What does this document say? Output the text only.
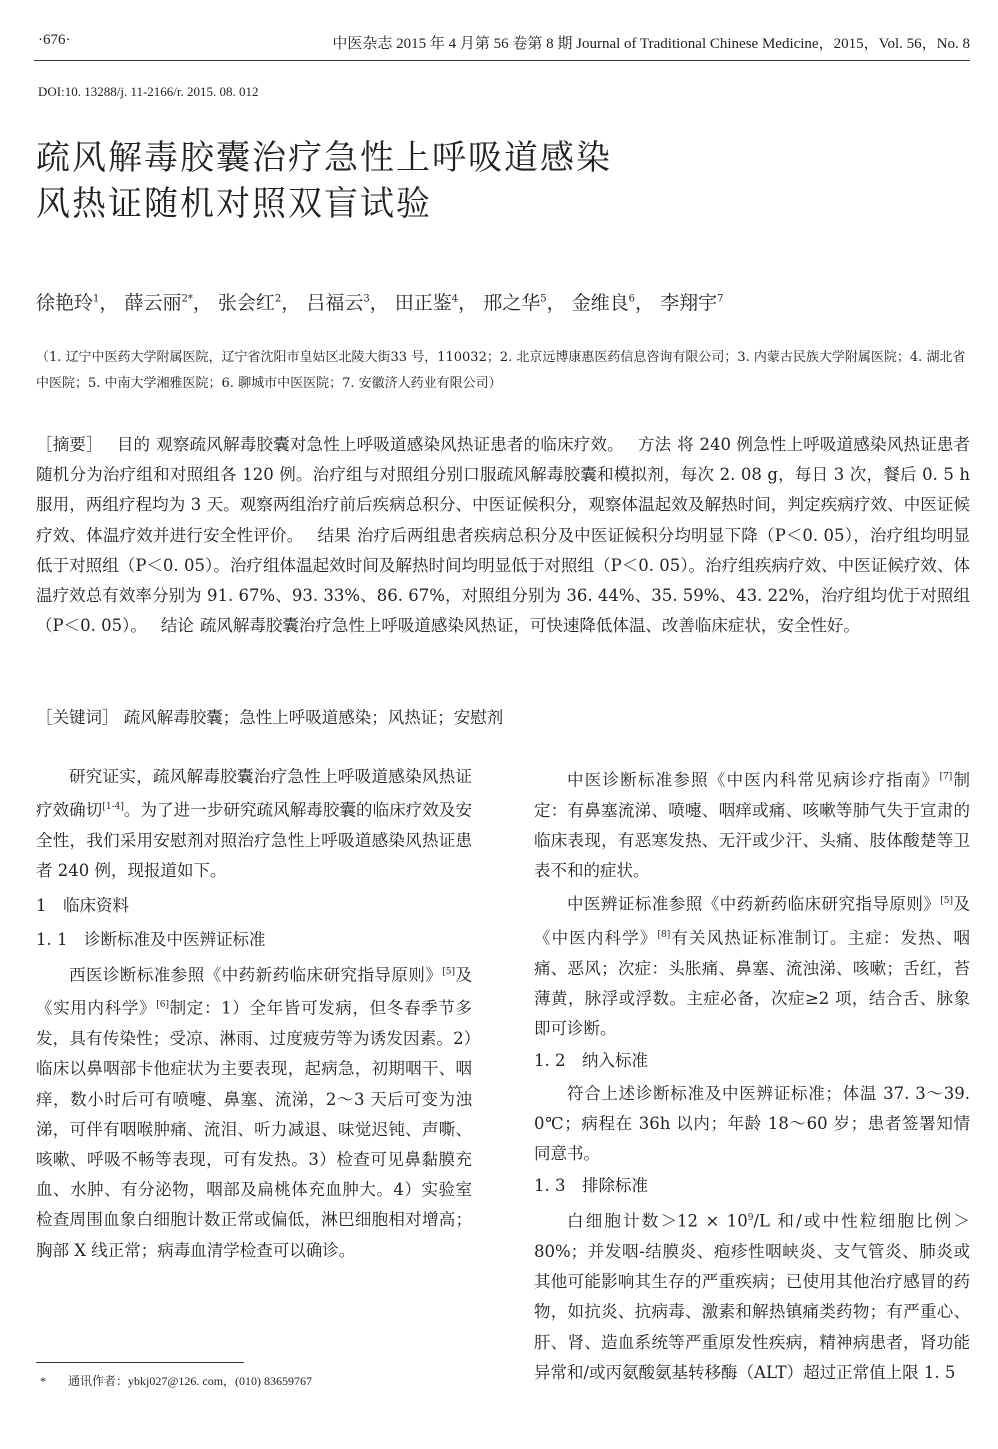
·676·	中医杂志 2015 年 4 月第 56 卷第 8 期 Journal of Traditional Chinese Medicine，2015，Vol. 56，No. 8
DOI:10. 13288/j. 11-2166/r. 2015. 08. 012
疏风解毒胶囊治疗急性上呼吸道感染
风热证随机对照双盲试验
徐艳玲$^1$， 薛云丽$^{2*}$， 张会红$^2$， 吕福云$^3$， 田正鉴$^4$， 邢之华$^5$， 金维良$^6$， 李翔宇$^7$
（1. 辽宁中医药大学附属医院，辽宁省沈阳市皇姑区北陵大街33 号，110032；2. 北京远博康惠医药信息咨询有限公司；3. 内蒙古民族大学附属医院；4. 湖北省中医院；5. 中南大学湘雅医院；6. 聊城市中医医院；7. 安徽济人药业有限公司）
［摘要］ 目的 观察疏风解毒胶囊对急性上呼吸道感染风热证患者的临床疗效。 方法 将 240 例急性上呼吸道感染风热证患者随机分为治疗组和对照组各 120 例。治疗组与对照组分别口服疏风解毒胶囊和模拟剂，每次 2. 08 g，每日 3 次，餐后 0. 5 h 服用，两组疗程均为 3 天。观察两组治疗前后疾病总积分、中医证候积分，观察体温起效及解热时间，判定疾病疗效、中医证候疗效、体温疗效并进行安全性评价。 结果 治疗后两组患者疾病总积分及中医证候积分均明显下降（P＜0. 05），治疗组均明显低于对照组（P＜0. 05）。治疗组体温起效时间及解热时间均明显低于对照组（P＜0. 05）。治疗组疾病疗效、中医证候疗效、体温疗效总有效率分别为 91. 67%、93. 33%、86. 67%，对照组分别为 36. 44%、35. 59%、43. 22%，治疗组均优于对照组（P＜0. 05）。 结论 疏风解毒胶囊治疗急性上呼吸道感染风热证，可快速降低体温、改善临床症状，安全性好。
［关键词］ 疏风解毒胶囊；急性上呼吸道感染；风热证；安慰剂

研究证实，疏风解毒胶囊治疗急性上呼吸道感染风热证疗效确切[1-4]。为了进一步研究疏风解毒胶囊的临床疗效及安全性，我们采用安慰剂对照治疗急性上呼吸道感染风热证患者 240 例，现报道如下。

1　临床资料
1. 1　诊断标准及中医辨证标准

西医诊断标准参照《中药新药临床研究指导原则》[5]及《实用内科学》[6]制定：1）全年皆可发病，但冬春季节多发，具有传染性；受凉、淋雨、过度疲劳等为诱发因素。2）临床以鼻咽部卡他症状为主要表现，起病急，初期咽干、咽痒，数小时后可有喷嚏、鼻塞、流涕，2～3 天后可变为浊涕，可伴有咽喉肿痛、流泪、听力减退、味觉迟钝、声嘶、咳嗽、呼吸不畅等表现，可有发热。3）检查可见鼻黏膜充血、水肿、有分泌物，咽部及扁桃体充血肿大。4）实验室检查周围血象白细胞计数正常或偏低，淋巴细胞相对增高；胸部 X 线正常；病毒血清学检查可以确诊。

中医诊断标准参照《中医内科常见病诊疗指南》[7]制定：有鼻塞流涕、喷嚏、咽痒或痛、咳嗽等肺气失于宣肃的临床表现，有恶寒发热、无汗或少汗、头痛、肢体酸楚等卫表不和的症状。

中医辨证标准参照《中药新药临床研究指导原则》[5]及《中医内科学》[8]有关风热证标准制订。主症：发热、咽痛、恶风；次症：头胀痛、鼻塞、流浊涕、咳嗽；舌红，苔薄黄，脉浮或浮数。主症必备，次症≥2 项，结合舌、脉象即可诊断。

1. 2　纳入标准

符合上述诊断标准及中医辨证标准；体温 37. 3～39. 0℃；病程在 36h 以内；年龄 18～60 岁；患者签署知情同意书。

1. 3　排除标准

白细胞计数$>12 \times 10^9/L$ 和/或中性粒细胞比例＞80%；并发咽-结膜炎、疱疹性咽峡炎、支气管炎、肺炎或其他可能影响其生存的严重疾病；已使用其他治疗感冒的药物，如抗炎、抗病毒、激素和解热镇痛类药物；有严重心、肝、肾、造血系统等严重原发性疾病，精神病患者，肾功能异常和/或丙氨酸氨基转移酶（ALT）超过正常值上限 1. 5

* 通讯作者：ybkj027@126. com，(010) 83659767
